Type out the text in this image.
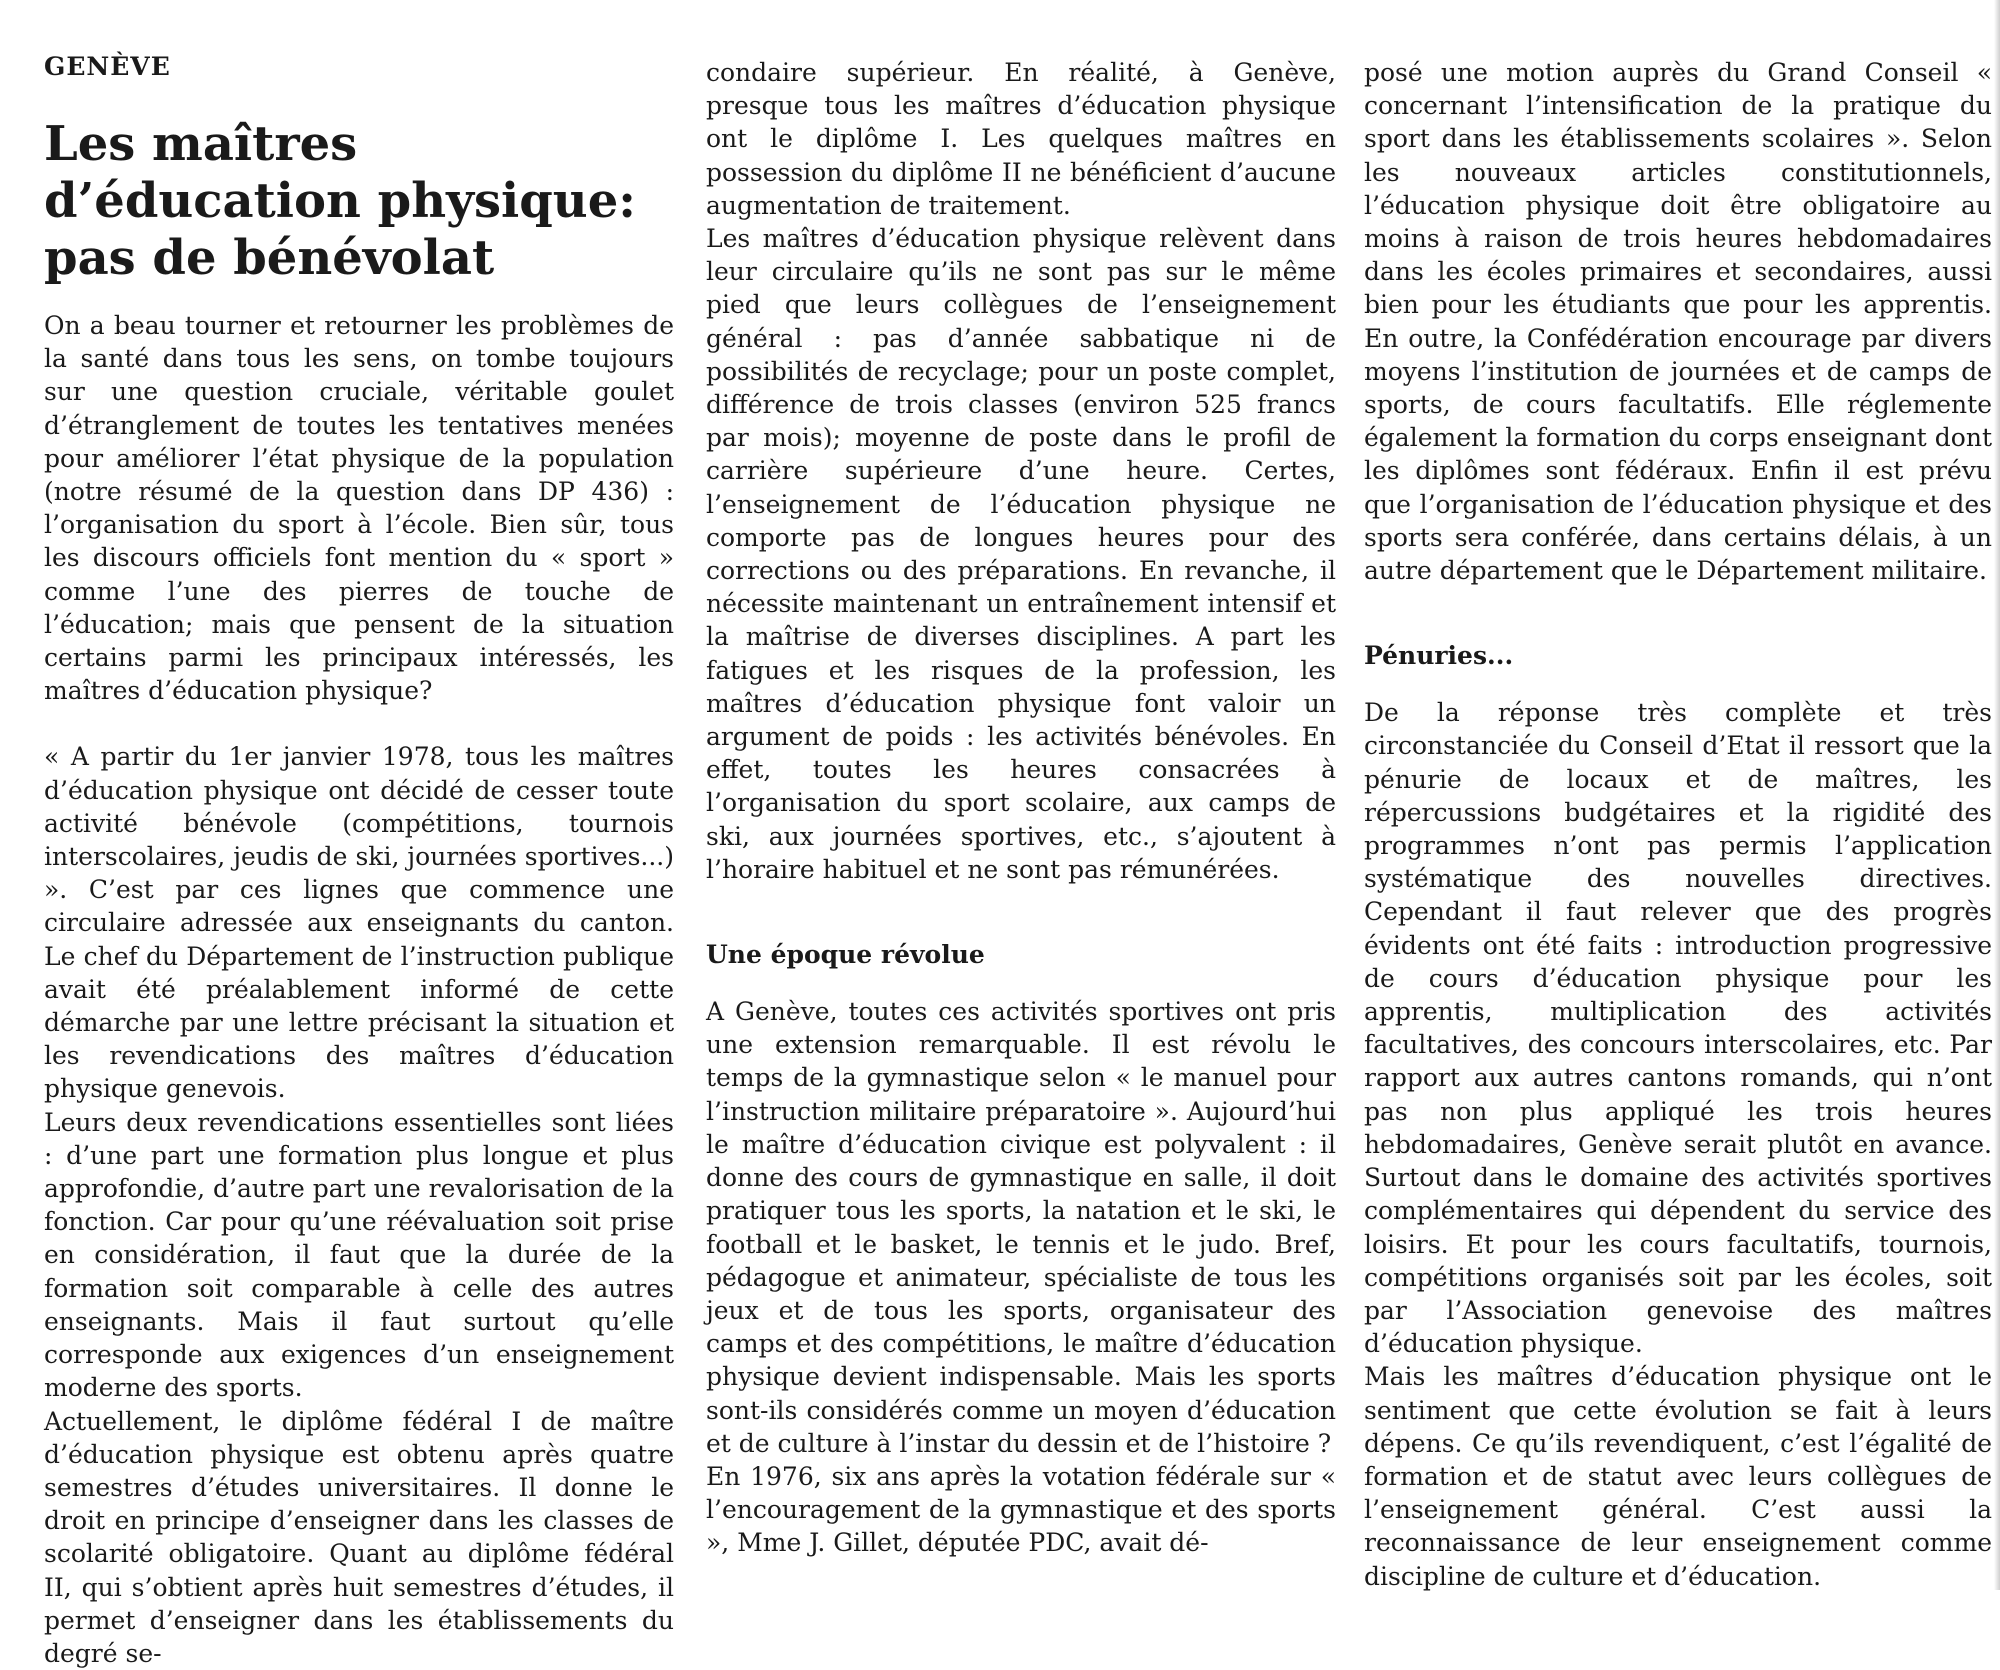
GENÈVE
Les maîtres d’éducation physique: pas de bénévolat

On a beau tourner et retourner les problèmes de la santé dans tous les sens, on tombe toujours sur une question cruciale, véritable goulet d’étranglement de toutes les tentatives menées pour améliorer l’état physique de la population (notre résumé de la question dans DP 436) : l’organisation du sport à l’école. Bien sûr, tous les discours officiels font mention du « sport » comme l’une des pierres de touche de l’éducation; mais que pensent de la situation certains parmi les principaux intéressés, les maîtres d’éducation physique?

« A partir du 1er janvier 1978, tous les maîtres d’éducation physique ont décidé de cesser toute activité bénévole (compétitions, tournois interscolaires, jeudis de ski, journées sportives...) ». C’est par ces lignes que commence une circulaire adressée aux enseignants du canton. Le chef du Département de l’instruction publique avait été préalablement informé de cette démarche par une lettre précisant la situation et les revendications des maîtres d’éducation physique genevois.

Leurs deux revendications essentielles sont liées : d’une part une formation plus longue et plus approfondie, d’autre part une revalorisation de la fonction. Car pour qu’une réévaluation soit prise en considération, il faut que la durée de la formation soit comparable à celle des autres enseignants. Mais il faut surtout qu’elle corresponde aux exigences d’un enseignement moderne des sports.

Actuellement, le diplôme fédéral I de maître d’éducation physique est obtenu après quatre semestres d’études universitaires. Il donne le droit en principe d’enseigner dans les classes de scolarité obligatoire. Quant au diplôme fédéral II, qui s’obtient après huit semestres d’études, il permet d’enseigner dans les établissements du degré se-

condaire supérieur. En réalité, à Genève, presque tous les maîtres d’éducation physique ont le diplôme I. Les quelques maîtres en possession du diplôme II ne bénéficient d’aucune augmentation de traitement.

Les maîtres d’éducation physique relèvent dans leur circulaire qu’ils ne sont pas sur le même pied que leurs collègues de l’enseignement général : pas d’année sabbatique ni de possibilités de recyclage; pour un poste complet, différence de trois classes (environ 525 francs par mois); moyenne de poste dans le profil de carrière supérieure d’une heure. Certes, l’enseignement de l’éducation physique ne comporte pas de longues heures pour des corrections ou des préparations. En revanche, il nécessite maintenant un entraînement intensif et la maîtrise de diverses disciplines. A part les fatigues et les risques de la profession, les maîtres d’éducation physique font valoir un argument de poids : les activités bénévoles. En effet, toutes les heures consacrées à l’organisation du sport scolaire, aux camps de ski, aux journées sportives, etc., s’ajoutent à l’horaire habituel et ne sont pas rémunérées.

Une époque révolue

A Genève, toutes ces activités sportives ont pris une extension remarquable. Il est révolu le temps de la gymnastique selon « le manuel pour l’instruction militaire préparatoire ». Aujourd’hui le maître d’éducation civique est polyvalent : il donne des cours de gymnastique en salle, il doit pratiquer tous les sports, la natation et le ski, le football et le basket, le tennis et le judo. Bref, pédagogue et animateur, spécialiste de tous les jeux et de tous les sports, organisateur des camps et des compétitions, le maître d’éducation physique devient indispensable. Mais les sports sont-ils considérés comme un moyen d’éducation et de culture à l’instar du dessin et de l’histoire ?

En 1976, six ans après la votation fédérale sur « l’encouragement de la gymnastique et des sports », Mme J. Gillet, députée PDC, avait dé-

posé une motion auprès du Grand Conseil « concernant l’intensification de la pratique du sport dans les établissements scolaires ». Selon les nouveaux articles constitutionnels, l’éducation physique doit être obligatoire au moins à raison de trois heures hebdomadaires dans les écoles primaires et secondaires, aussi bien pour les étudiants que pour les apprentis. En outre, la Confédération encourage par divers moyens l’institution de journées et de camps de sports, de cours facultatifs. Elle réglemente également la formation du corps enseignant dont les diplômes sont fédéraux. Enfin il est prévu que l’organisation de l’éducation physique et des sports sera conférée, dans certains délais, à un autre département que le Département militaire.

Pénuries...

De la réponse très complète et très circonstanciée du Conseil d’Etat il ressort que la pénurie de locaux et de maîtres, les répercussions budgétaires et la rigidité des programmes n’ont pas permis l’application systématique des nouvelles directives. Cependant il faut relever que des progrès évidents ont été faits : introduction progressive de cours d’éducation physique pour les apprentis, multiplication des activités facultatives, des concours interscolaires, etc. Par rapport aux autres cantons romands, qui n’ont pas non plus appliqué les trois heures hebdomadaires, Genève serait plutôt en avance. Surtout dans le domaine des activités sportives complémentaires qui dépendent du service des loisirs. Et pour les cours facultatifs, tournois, compétitions organisés soit par les écoles, soit par l’Association genevoise des maîtres d’éducation physique.

Mais les maîtres d’éducation physique ont le sentiment que cette évolution se fait à leurs dépens. Ce qu’ils revendiquent, c’est l’égalité de formation et de statut avec leurs collègues de l’enseignement général. C’est aussi la reconnaissance de leur enseignement comme discipline de culture et d’éducation.
